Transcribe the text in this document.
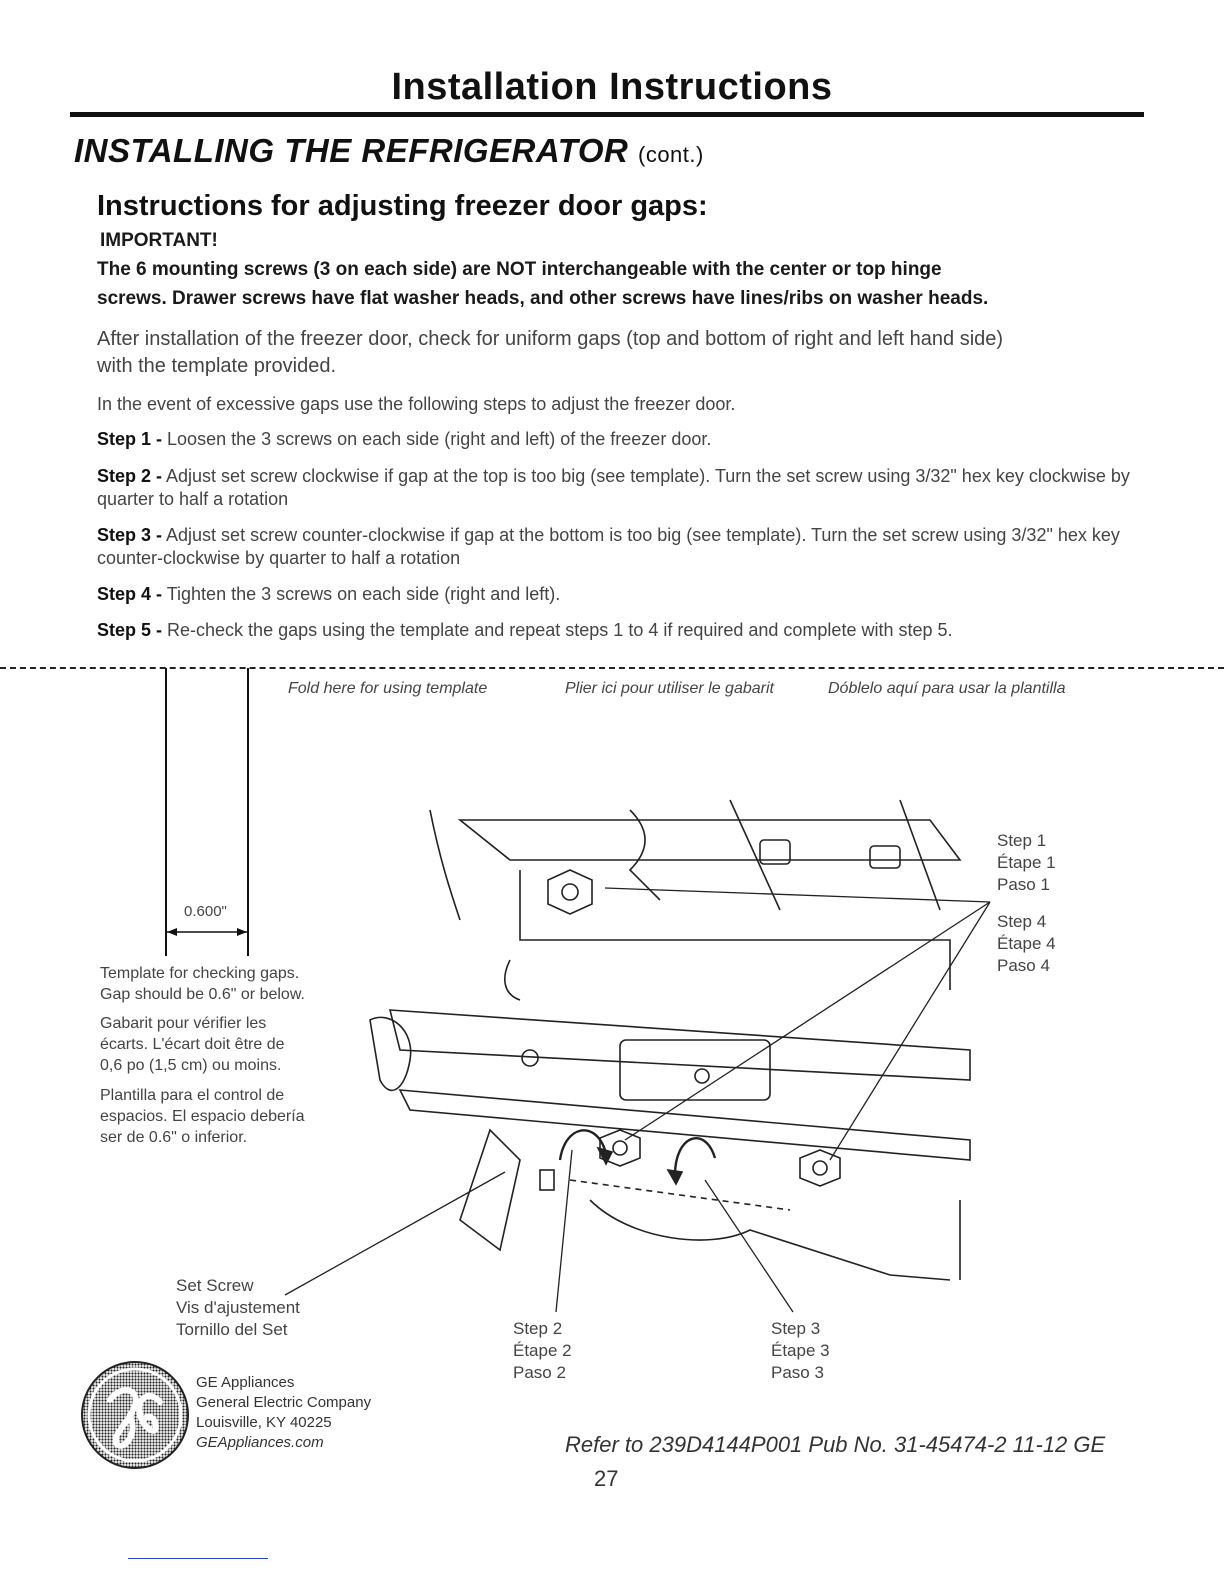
Installation Instructions
INSTALLING THE REFRIGERATOR (cont.)
Instructions for adjusting freezer door gaps:
IMPORTANT!
The 6 mounting screws (3 on each side) are NOT interchangeable with the center or top hinge
screws. Drawer screws have flat washer heads, and other screws have lines/ribs on washer heads.
After installation of the freezer door, check for uniform gaps (top and bottom of right and left hand side)
with the template provided.
In the event of excessive gaps use the following steps to adjust the freezer door.
Step 1 - Loosen the 3 screws on each side (right and left) of the freezer door.
Step 2 - Adjust set screw clockwise if gap at the top is too big (see template). Turn the set screw using 3/32" hex key clockwise by quarter to half a rotation
Step 3 - Adjust set screw counter-clockwise if gap at the bottom is too big (see template). Turn the set screw using 3/32" hex key counter-clockwise by quarter to half a rotation
Step 4 - Tighten the 3 screws on each side (right and left).
Step 5 - Re-check the gaps using the template and repeat steps 1 to 4 if required and complete with step 5.
Fold here for using template	Plier ici pour utiliser le gabarit	Dóblelo aquí para usar la plantilla
0.600"
Template for checking gaps.
Gap should be 0.6" or below.
Gabarit pour vérifier les
écarts. L'écart doit être de
0,6 po (1,5 cm) ou moins.
Plantilla para el control de
espacios. El espacio debería
ser de 0.6" o inferior.
Step 1
Étape 1
Paso 1
Step 4
Étape 4
Paso 4
Step 2
Étape 2
Paso 2
Step 3
Étape 3
Paso 3
Set Screw
Vis d'ajustement
Tornillo del Set
GE Appliances
General Electric Company
Louisville, KY 40225
GEAppliances.com	Refer to 239D4144P001 Pub No. 31-45474-2 11-12 GE
27
